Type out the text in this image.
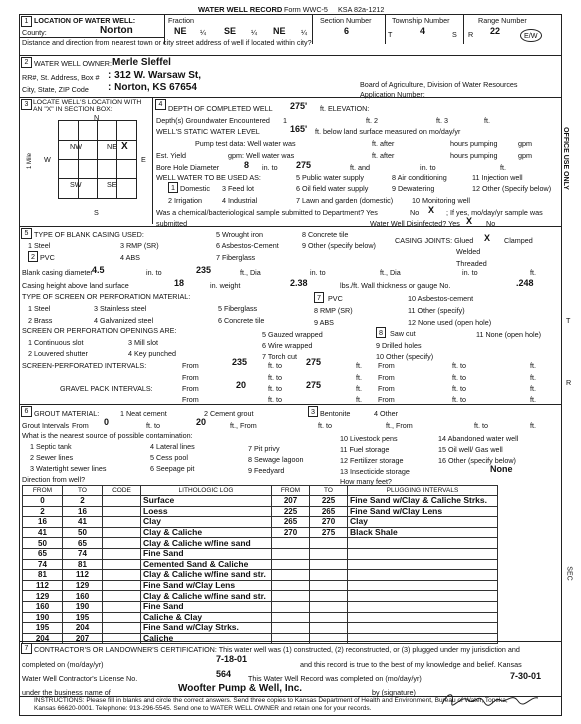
WATER WELL RECORD Form WWC-5 KSA 82a-1212
1 LOCATION OF WATER WELL:
County:	Norton
Fraction
NE ¼ SE ¼ NE ¼
Section Number
6
Township Number
T	4	S
Range Number
R 22	E/W
Distance and direction from nearest town or city street address of well if located within city?
2 WATER WELL OWNER: Merle Sleffel
RR#, St. Address, Box # : 312 W. Warsaw St,
City, State, ZIP Code : Norton, KS 67654	Board of Agriculture, Division of Water Resources
Application Number:
3 LOCATE WELL'S LOCATION WITH
AN "X" IN SECTION BOX:
N
S
W	E
1 Mile
NW	NE X
SW	SE
4 DEPTH OF COMPLETED WELL 275' ft. ELEVATION:
Depth(s) Groundwater Encountered 1	ft. 2	ft. 3	ft.
WELL'S STATIC WATER LEVEL	165' ft. below land surface measured on mo/day/yr
Pump test data: Well water was	ft. after	hours pumping	gpm
Est. Yield	gpm: Well water was	ft. after	hours pumping	gpm
Bore Hole Diameter	8 in. to 275	ft. and	in. to	ft.
WELL WATER TO BE USED AS:	5 Public water supply	8 Air conditioning	11 Injection well
1 Domestic 3 Feed lot	6 Oil field water supply	9 Dewatering	12 Other (Specify below)
2 Irrigation	4 Industrial	7 Lawn and garden (domestic)	10 Monitoring well
Was a chemical/bacteriological sample submitted to Department? Yes	No X ; If yes, mo/day/yr sample was
submitted	Water Well Disinfected? Yes X No
5 TYPE OF BLANK CASING USED:	5 Wrought iron	8 Concrete tile
1 Steel	3 RMP (SR)	6 Asbestos-Cement	9 Other (specify below)
CASING JOINTS: Glued X Clamped
2 PVC	4 ABS	7 Fiberglass
Welded
Threaded
Blank casing diameter 4.5	in. to	235	ft., Dia	in. to	ft., Dia	in. to	ft.
Casing height above land surface	18	in. weight	2.38	lbs./ft. Wall thickness or gauge No.	.248
TYPE OF SCREEN OR PERFORATION MATERIAL:
1 Steel	3 Stainless steel	5 Fiberglass
7 PVC	10 Asbestos-cement
8 RMP (SR)	11 Other (specify)
2 Brass	4 Galvanized steel	6 Concrete tile	9 ABS	12 None used (open hole)
SCREEN OR PERFORATION OPENINGS ARE:	5 Gauzed wrapped	8 Saw cut	11 None (open hole)
1 Continuous slot	3 Mill slot	6 Wire wrapped	9 Drilled holes
2 Louvered shutter	4 Key punched	7 Torch cut	10 Other (specify)
SCREEN-PERFORATED INTERVALS:	From	235	ft. to	275	ft. From	ft. to	ft.
From	ft. to	ft. From	ft. to	ft.
GRAVEL PACK INTERVALS:	From	20	ft. to	275	ft. From	ft. to	ft.
From	ft. to	ft. From	ft. to	ft.
6 GROUT MATERIAL:	1 Neat cement	2 Cement grout	3 Bentonite	4 Other
Grout Intervals From 0	ft. to	20	ft., From	ft. to	ft., From	ft. to	ft.
What is the nearest source of possible contamination:
1 Septic tank	4 Lateral lines	7 Pit privy
10 Livestock pens	14 Abandoned water well
2 Sewer lines	5 Cess pool	8 Sewage lagoon
11 Fuel storage	15 Oil well/ Gas well
3 Watertight sewer lines	6 Seepage pit	9 Feedyard
12 Fertilizer storage	16 Other (specify below)
13 Insecticide storage	None
Direction from well?	How many feet?
FROM	TO	CODE	LITHOLOGIC LOG	FROM	TO	PLUGGING INTERVALS
0	2		Surface	207	225	Fine Sand w/Clay & Caliche Strks.
2	16		Loess	225	265	Fine Sand w/Clay Lens
16	41		Clay	265	270	Clay
41	50		Clay & Caliche	270	275	Black Shale
50	65		Clay & Caliche w/fine sand			
65	74		Fine Sand			
74	81		Cemented Sand & Caliche			
81	112		Clay & Caliche w/fine sand str.			
112	129		Fine Sand w/Clay Lens			
129	160		Clay & Caliche w/fine sand str.			
160	190		Fine Sand			
190	195		Caliche & Clay			
195	204		Fine Sand w/Clay Strks.			
204	207		Caliche			
7 CONTRACTOR'S OR LANDOWNER'S CERTIFICATION: This water well was (1) constructed, (2) reconstructed, or (3) plugged under my jurisdiction and
completed on (mo/day/yr)
7-18-01
and this record is true to the best of my knowledge and belief. Kansas
Water Well Contractor's License No.	564 This Water Well Record was completed on (mo/day/yr)	7-30-01
under the business name of	Woofter Pump & Well, Inc.	by (signature)
INSTRUCTIONS: Please fill in blanks and circle the correct answers. Send three copies to Kansas Department of Health and Environment, Bureau of Water, Topeka,
Kansas 66620-0001. Telephone: 913-296-5545. Send one to WATER WELL OWNER and retain one for your records.
OFFICE USE ONLY
T
R
SEC
